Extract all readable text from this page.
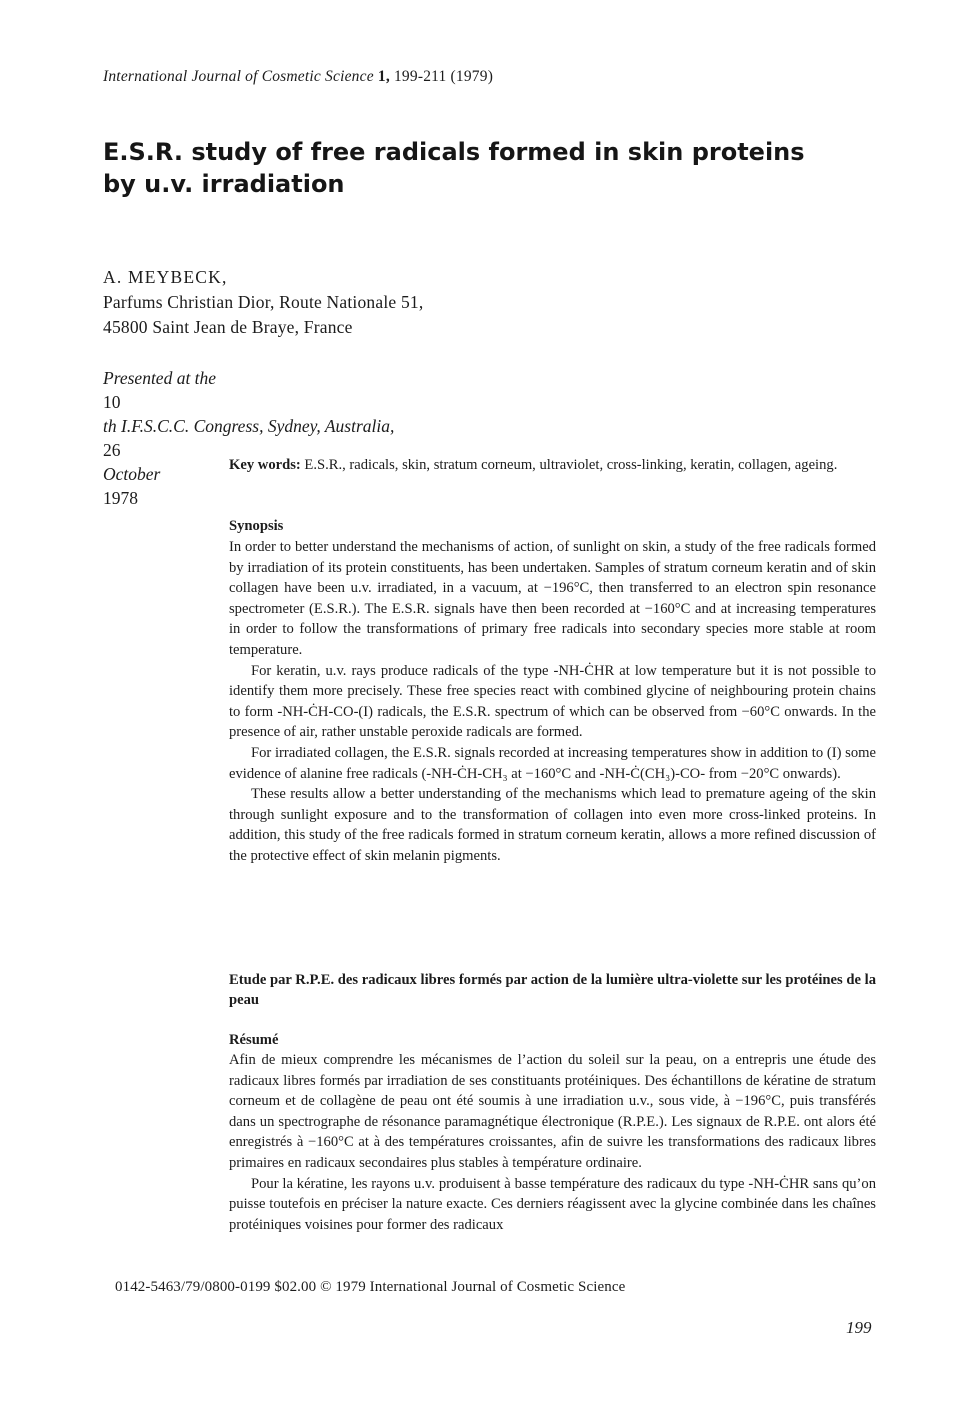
International Journal of Cosmetic Science 1, 199-211 (1979)
E.S.R. study of free radicals formed in skin proteins
by u.v. irradiation
A. MEYBECK,
Parfums Christian Dior, Route Nationale 51,
45800 Saint Jean de Braye, France
Presented at the
10
th I.F.S.C.C. Congress, Sydney, Australia,
26
October
1978
Key words: E.S.R., radicals, skin, stratum corneum, ultraviolet, cross-linking, keratin, collagen, ageing.
Synopsis

In order to better understand the mechanisms of action, of sunlight on skin, a study of the free radicals formed by irradiation of its protein constituents, has been undertaken. Samples of stratum corneum keratin and of skin collagen have been u.v. irradiated, in a vacuum, at −196°C, then transferred to an electron spin resonance spectrometer (E.S.R.). The E.S.R. signals have then been recorded at −160°C and at increasing temperatures in order to follow the transformations of primary free radicals into secondary species more stable at room temperature.

For keratin, u.v. rays produce radicals of the type -NH-ĊHR at low temperature but it is not possible to identify them more precisely. These free species react with combined glycine of neighbouring protein chains to form -NH-ĊH-CO-(I) radicals, the E.S.R. spectrum of which can be observed from −60°C onwards. In the presence of air, rather unstable peroxide radicals are formed.

For irradiated collagen, the E.S.R. signals recorded at increasing temperatures show in addition to (I) some evidence of alanine free radicals (-NH-ĊH-CH₃ at −160°C and -NH-Ċ(CH₃)-CO- from −20°C onwards).

These results allow a better understanding of the mechanisms which lead to premature ageing of the skin through sunlight exposure and to the transformation of collagen into even more cross-linked proteins. In addition, this study of the free radicals formed in stratum corneum keratin, allows a more refined discussion of the protective effect of skin melanin pigments.

Etude par R.P.E. des radicaux libres formés par action de la lumière ultra-violette sur les protéines de la peau
Résumé

Afin de mieux comprendre les mécanismes de l’action du soleil sur la peau, on a entrepris une étude des radicaux libres formés par irradiation de ses constituants protéiniques. Des échantillons de kératine de stratum corneum et de collagène de peau ont été soumis à une irradiation u.v., sous vide, à −196°C, puis transférés dans un spectrographe de résonance paramagnétique électronique (R.P.E.). Les signaux de R.P.E. ont alors été enregistrés à −160°C at à des températures croissantes, afin de suivre les transformations des radicaux libres primaires en radicaux secondaires plus stables à température ordinaire.

Pour la kératine, les rayons u.v. produisent à basse température des radicaux du type -NH-ĊHR sans qu’on puisse toutefois en préciser la nature exacte. Ces derniers réagissent avec la glycine combinée dans les chaînes protéiniques voisines pour former des radicaux

0142-5463/79/0800-0199 $02.00 © 1979 International Journal of Cosmetic Science
199
